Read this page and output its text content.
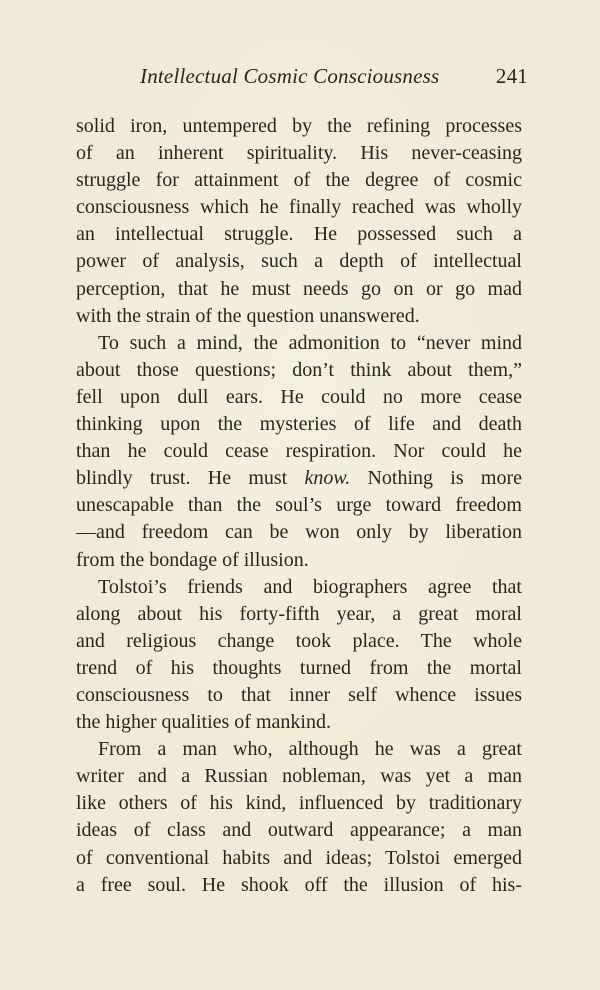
Intellectual Cosmic Consciousness	241
solid iron, untempered by the refining processes
of an inherent spirituality. His never-ceasing
struggle for attainment of the degree of cosmic
consciousness which he finally reached was wholly
an intellectual struggle. He possessed such a
power of analysis, such a depth of intellectual
perception, that he must needs go on or go mad
with the strain of the question unanswered.
To such a mind, the admonition to “never mind
about those questions; don’t think about them,”
fell upon dull ears. He could no more cease
thinking upon the mysteries of life and death
than he could cease respiration. Nor could he
blindly trust. He must know. Nothing is more
unescapable than the soul’s urge toward freedom
—and freedom can be won only by liberation
from the bondage of illusion.
Tolstoi’s friends and biographers agree that
along about his forty-fifth year, a great moral
and religious change took place. The whole
trend of his thoughts turned from the mortal
consciousness to that inner self whence issues
the higher qualities of mankind.
From a man who, although he was a great
writer and a Russian nobleman, was yet a man
like others of his kind, influenced by traditionary
ideas of class and outward appearance; a man
of conventional habits and ideas; Tolstoi emerged
a free soul. He shook off the illusion of his-
